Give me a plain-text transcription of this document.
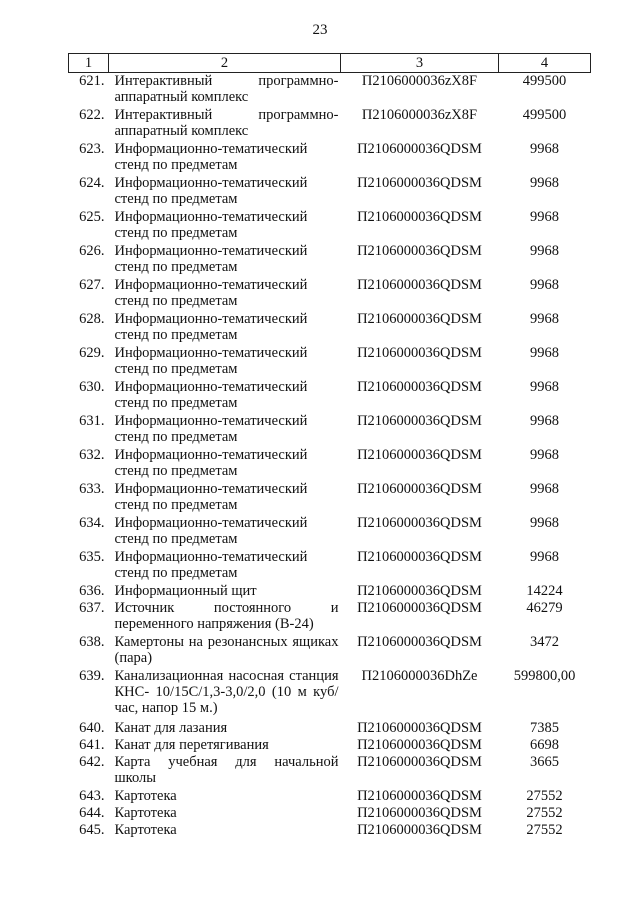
23
1	2	3	4
621.	Интерактивный программно-аппаратный комплекс	П2106000036zX8F	499500
622.	Интерактивный программно-аппаратный комплекс	П2106000036zX8F	499500
623.	Информационно-тематический стенд по предметам	П2106000036QDSM	9968
624.	Информационно-тематический стенд по предметам	П2106000036QDSM	9968
625.	Информационно-тематический стенд по предметам	П2106000036QDSM	9968
626.	Информационно-тематический стенд по предметам	П2106000036QDSM	9968
627.	Информационно-тематический стенд по предметам	П2106000036QDSM	9968
628.	Информационно-тематический стенд по предметам	П2106000036QDSM	9968
629.	Информационно-тематический стенд по предметам	П2106000036QDSM	9968
630.	Информационно-тематический стенд по предметам	П2106000036QDSM	9968
631.	Информационно-тематический стенд по предметам	П2106000036QDSM	9968
632.	Информационно-тематический стенд по предметам	П2106000036QDSM	9968
633.	Информационно-тематический стенд по предметам	П2106000036QDSM	9968
634.	Информационно-тематический стенд по предметам	П2106000036QDSM	9968
635.	Информационно-тематический стенд по предметам	П2106000036QDSM	9968
636.	Информационный щит	П2106000036QDSM	14224
637.	Источник постоянного и переменного напряжения (В-24)	П2106000036QDSM	46279
638.	Камертоны на резонансных ящиках (пара)	П2106000036QDSM	3472
639.	Канализационная насосная станция КНС- 10/15С/1,3-3,0/2,0 (10 м куб/час, напор 15 м.)	П2106000036DhZe	599800,00
640.	Канат для лазания	П2106000036QDSM	7385
641.	Канат для перетягивания	П2106000036QDSM	6698
642.	Карта учебная для начальной школы	П2106000036QDSM	3665
643.	Картотека	П2106000036QDSM	27552
644.	Картотека	П2106000036QDSM	27552
645.	Картотека	П2106000036QDSM	27552
